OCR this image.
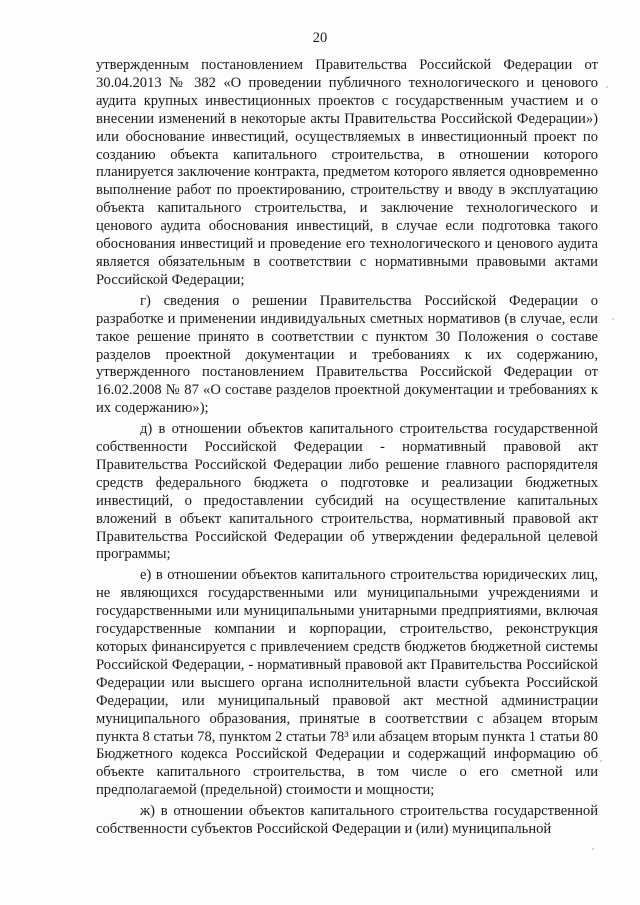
20

утвержденным постановлением Правительства Российской Федерации от 30.04.2013 № 382 «О проведении публичного технологического и ценового аудита крупных инвестиционных проектов с государственным участием и о внесении изменений в некоторые акты Правительства Российской Федерации») или обоснование инвестиций, осуществляемых в инвестиционный проект по созданию объекта капитального строительства, в отношении которого планируется заключение контракта, предметом которого является одновременно выполнение работ по проектированию, строительству и вводу в эксплуатацию объекта капитального строительства, и заключение технологического и ценового аудита обоснования инвестиций, в случае если подготовка такого обоснования инвестиций и проведение его технологического и ценового аудита является обязательным в соответствии с нормативными правовыми актами Российской Федерации;

г) сведения о решении Правительства Российской Федерации о разработке и применении индивидуальных сметных нормативов (в случае, если такое решение принято в соответствии с пунктом 30 Положения о составе разделов проектной документации и требованиях к их содержанию, утвержденного постановлением Правительства Российской Федерации от 16.02.2008 № 87 «О составе разделов проектной документации и требованиях к их содержанию»);

д) в отношении объектов капитального строительства государственной собственности Российской Федерации - нормативный правовой акт Правительства Российской Федерации либо решение главного распорядителя средств федерального бюджета о подготовке и реализации бюджетных инвестиций, о предоставлении субсидий на осуществление капитальных вложений в объект капитального строительства, нормативный правовой акт Правительства Российской Федерации об утверждении федеральной целевой программы;

е) в отношении объектов капитального строительства юридических лиц, не являющихся государственными или муниципальными учреждениями и государственными или муниципальными унитарными предприятиями, включая государственные компании и корпорации, строительство, реконструкция которых финансируется с привлечением средств бюджетов бюджетной системы Российской Федерации, - нормативный правовой акт Правительства Российской Федерации или высшего органа исполнительной власти субъекта Российской Федерации, или муниципальный правовой акт местной администрации муниципального образования, принятые в соответствии с абзацем вторым пункта 8 статьи 78, пунктом 2 статьи 78³ или абзацем вторым пункта 1 статьи 80 Бюджетного кодекса Российской Федерации и содержащий информацию об объекте капитального строительства, в том числе о его сметной или предполагаемой (предельной) стоимости и мощности;

ж) в отношении объектов капитального строительства государственной собственности субъектов Российской Федерации и (или) муниципальной
